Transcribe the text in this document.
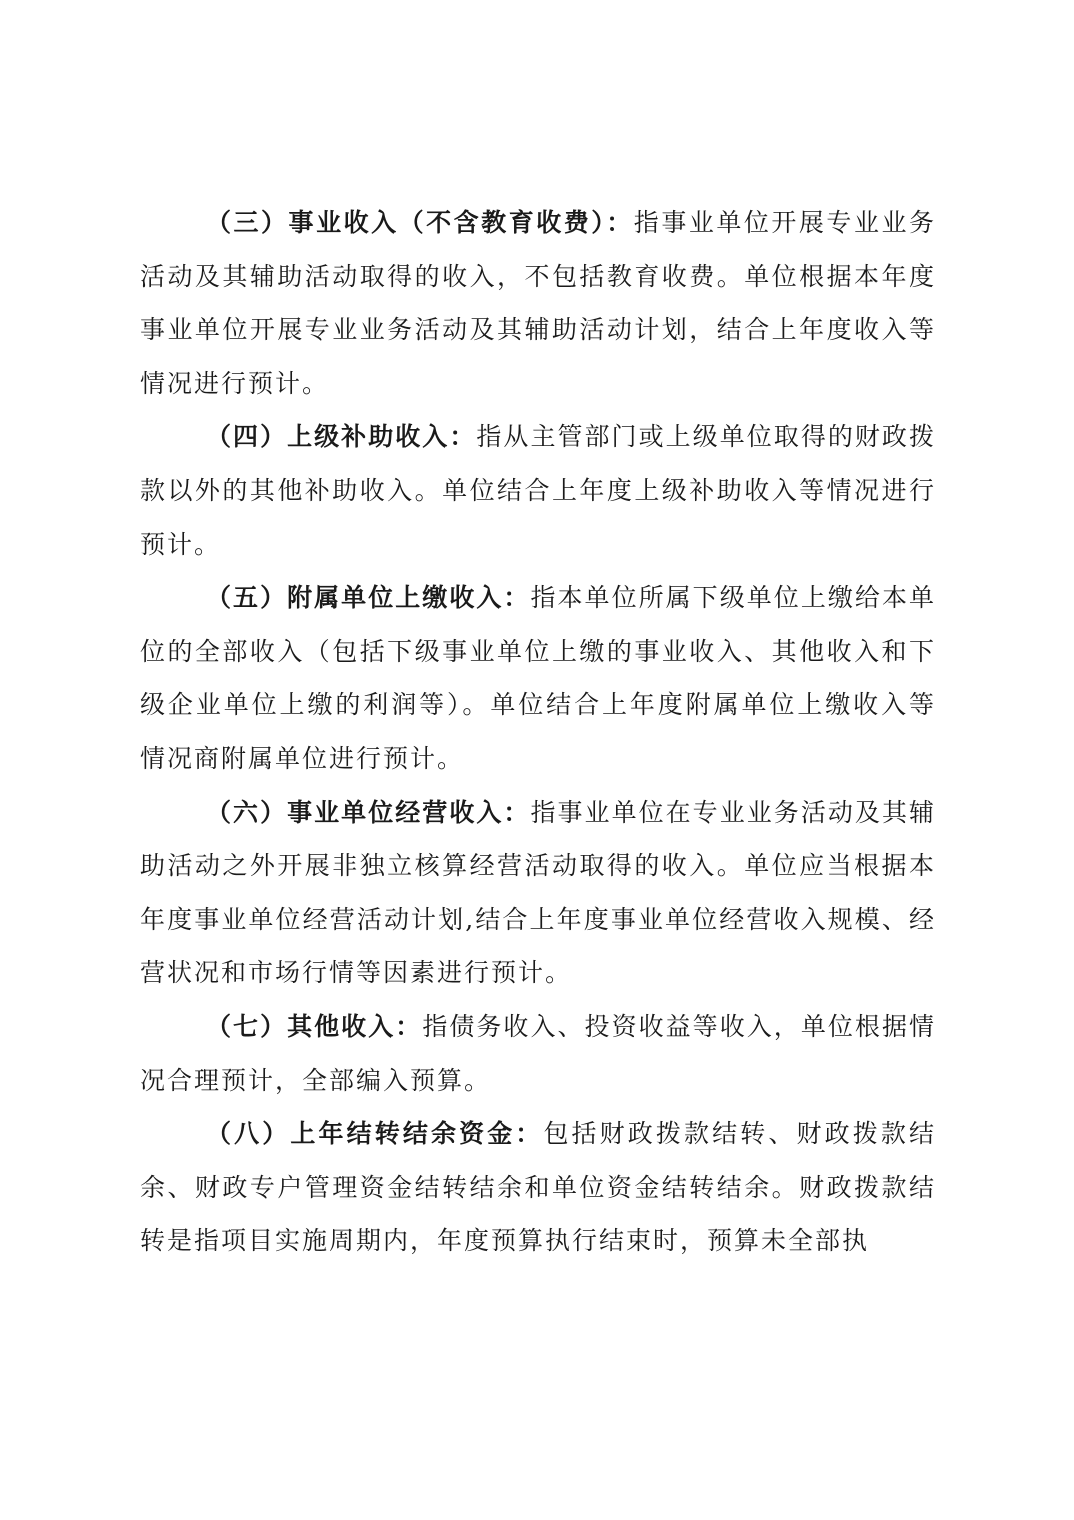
（三）事业收入（不含教育收费）：指事业单位开展专业业务活动及其辅助活动取得的收入，不包括教育收费。单位根据本年度事业单位开展专业业务活动及其辅助活动计划，结合上年度收入等情况进行预计。

（四）上级补助收入：指从主管部门或上级单位取得的财政拨款以外的其他补助收入。单位结合上年度上级补助收入等情况进行预计。

（五）附属单位上缴收入：指本单位所属下级单位上缴给本单位的全部收入（包括下级事业单位上缴的事业收入、其他收入和下级企业单位上缴的利润等）。单位结合上年度附属单位上缴收入等情况商附属单位进行预计。

（六）事业单位经营收入：指事业单位在专业业务活动及其辅助活动之外开展非独立核算经营活动取得的收入。单位应当根据本年度事业单位经营活动计划,结合上年度事业单位经营收入规模、经营状况和市场行情等因素进行预计。

（七）其他收入：指债务收入、投资收益等收入，单位根据情况合理预计，全部编入预算。

（八）上年结转结余资金：包括财政拨款结转、财政拨款结余、财政专户管理资金结转结余和单位资金结转结余。财政拨款结转是指项目实施周期内，年度预算执行结束时，预算未全部执
